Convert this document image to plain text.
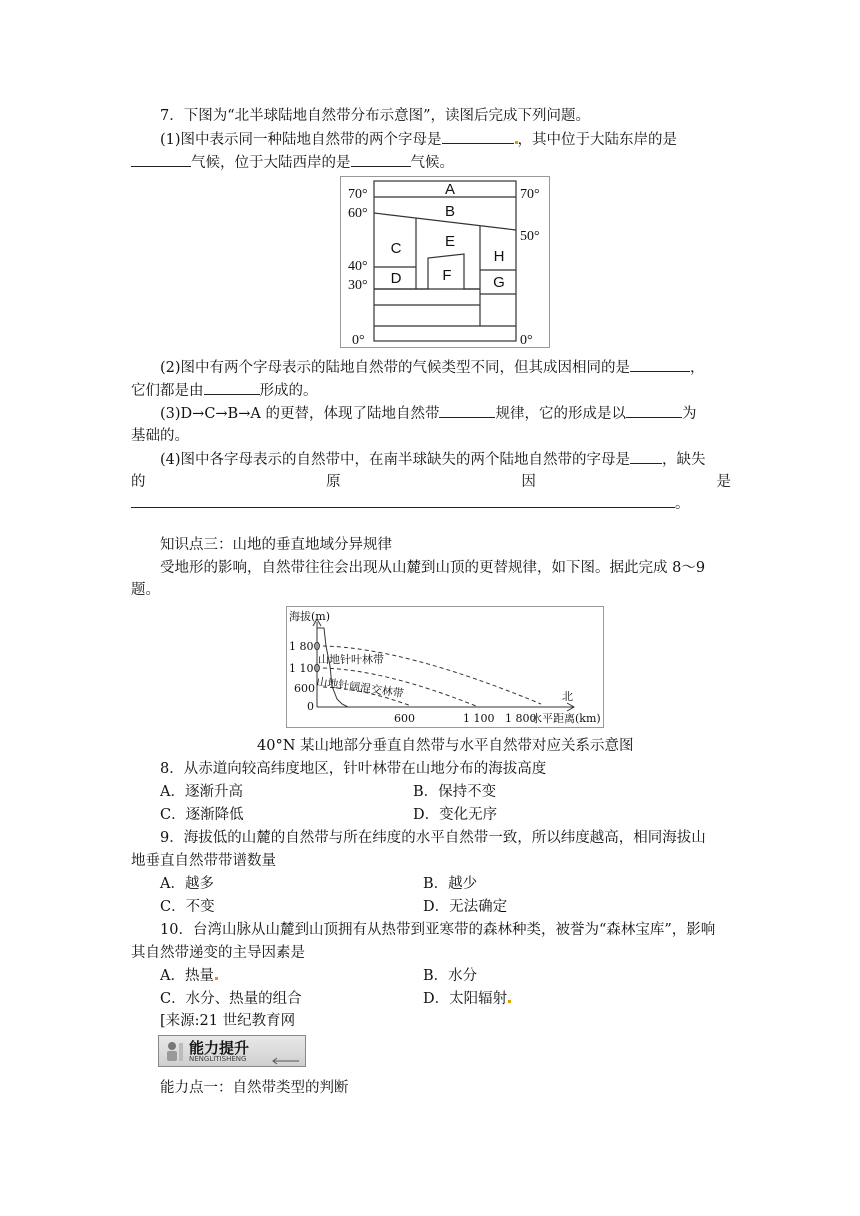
7．下图为“北半球陆地自然带分布示意图”，读图后完成下列问题。
(1)图中表示同一种陆地自然带的两个字母是	，其中位于大陆东岸的是
气候，位于大陆西岸的是	气候。
70°
60°
40°
30°
0°
70°
50°
0°
A
B
C
D
E
F
H
G
(2)图中有两个字母表示的陆地自然带的气候类型不同，但其成因相同的是	，
它们都是由	形成的。
(3)D→C→B→A 的更替，体现了陆地自然带	规律，它的形成是以	为
基础的。
(4)图中各字母表示的自然带中，在南半球缺失的两个陆地自然带的字母是 ，缺失
的	原	因	是
。
知识点三：山地的垂直地域分异规律
受地形的影响，自然带往往会出现从山麓到山顶的更替规律，如下图。据此完成 8～9
题。
海拔(m)
1 800
1 100
600
0
600	1 100 1 800
水平距离(km)
北
山地针叶林带
山地针阔混交林带
40°N 某山地部分垂直自然带与水平自然带对应关系示意图
8．从赤道向较高纬度地区，针叶林带在山地分布的海拔高度
A．逐渐升高	B．保持不变
C．逐渐降低	D．变化无序
9．海拔低的山麓的自然带与所在纬度的水平自然带一致，所以纬度越高，相同海拔山
地垂直自然带带谱数量
A．越多	B．越少
C．不变	D．无法确定
10．台湾山脉从山麓到山顶拥有从热带到亚寒带的森林种类，被誉为“森林宝库”，影响
其自然带递变的主导因素是
A．热量	B．水分
C．水分、热量的组合	D．太阳辐射
[来源:21 世纪教育网
能力提升
NENGLITISHENG
能力点一：自然带类型的判断
